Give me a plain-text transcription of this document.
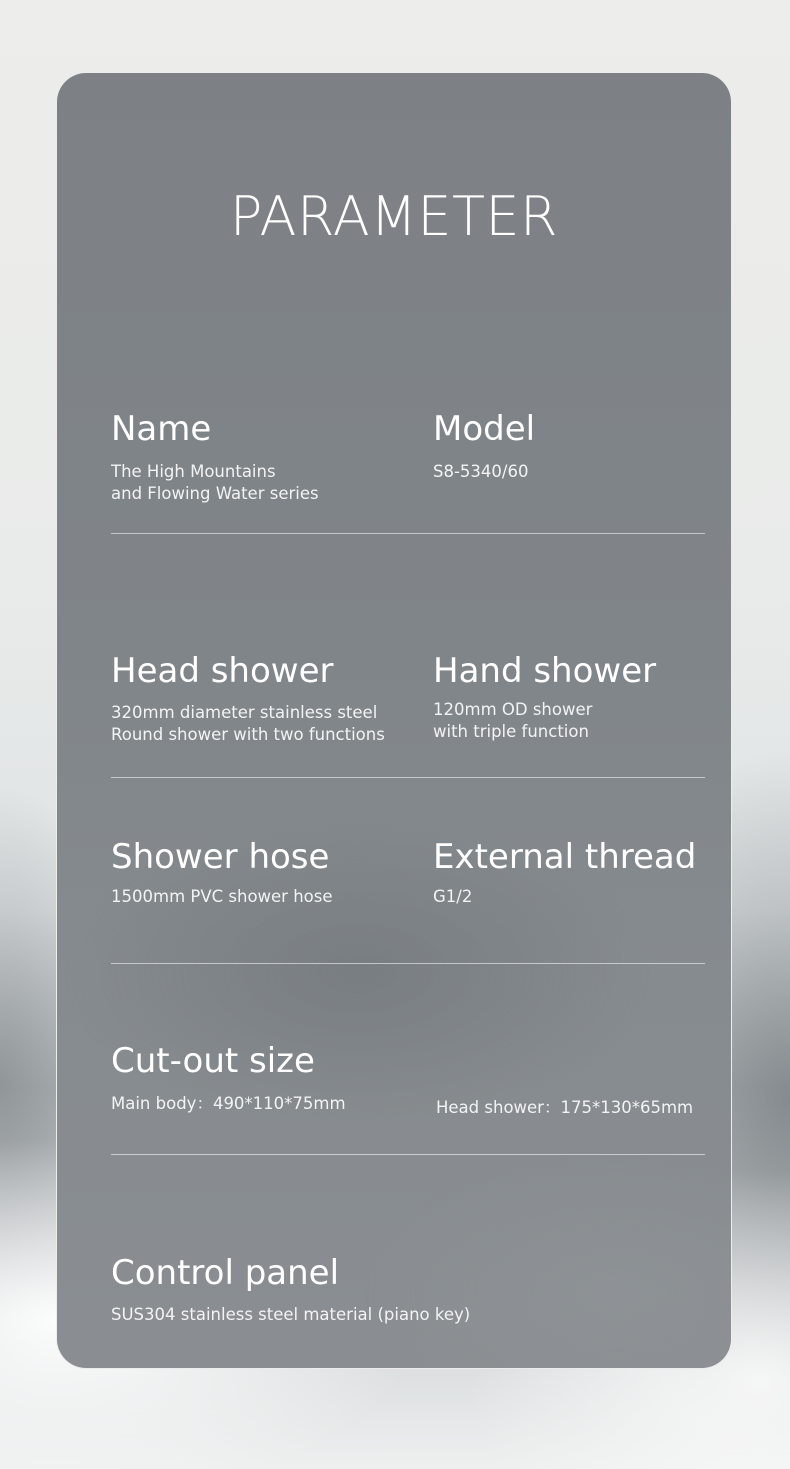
PARAMETER
Name
The High Mountains
and Flowing Water series
Model
S8-5340/60
Head shower
320mm diameter stainless steel
Round shower with two functions
Hand shower
120mm OD shower
with triple function
Shower hose
1500mm PVC shower hose
External thread
G1/2
Cut-out size
Main body：490*110*75mm	Head shower：175*130*65mm
Control panel
SUS304 stainless steel material (piano key)
